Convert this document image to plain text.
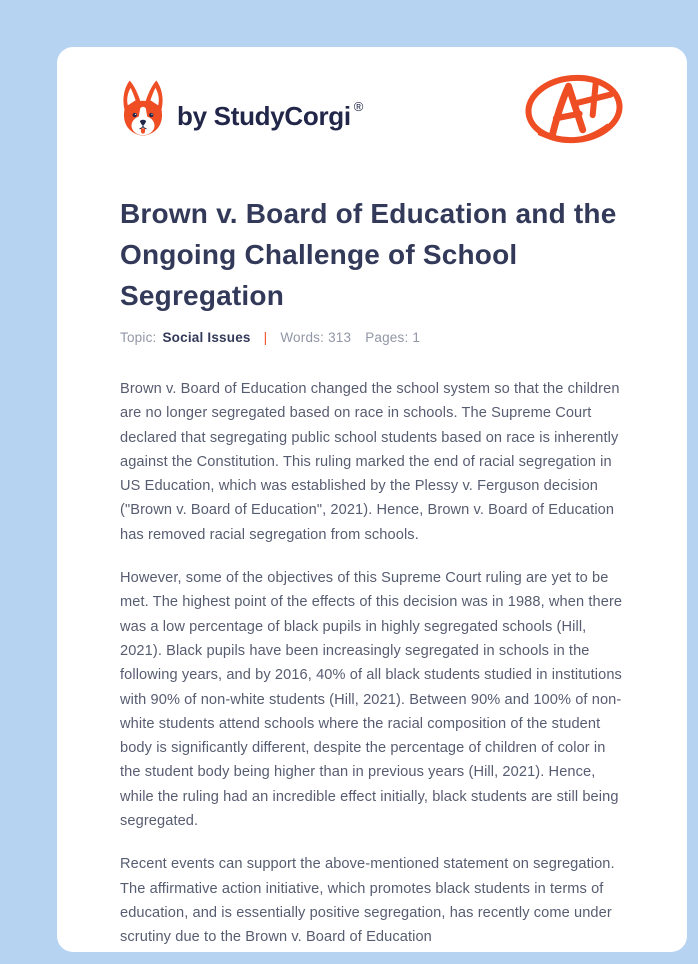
by StudyCorgi ®
Brown v. Board of Education and the Ongoing Challenge of School Segregation
Topic: Social Issues | Words: 313 Pages: 1

Brown v. Board of Education changed the school system so that the children are no longer segregated based on race in schools. The Supreme Court declared that segregating public school students based on race is inherently against the Constitution. This ruling marked the end of racial segregation in US Education, which was established by the Plessy v. Ferguson decision ("Brown v. Board of Education", 2021). Hence, Brown v. Board of Education has removed racial segregation from schools.

However, some of the objectives of this Supreme Court ruling are yet to be met. The highest point of the effects of this decision was in 1988, when there was a low percentage of black pupils in highly segregated schools (Hill, 2021). Black pupils have been increasingly segregated in schools in the following years, and by 2016, 40% of all black students studied in institutions with 90% of non-white students (Hill, 2021). Between 90% and 100% of non-white students attend schools where the racial composition of the student body is significantly different, despite the percentage of children of color in the student body being higher than in previous years (Hill, 2021). Hence, while the ruling had an incredible effect initially, black students are still being segregated.

Recent events can support the above-mentioned statement on segregation. The affirmative action initiative, which promotes black students in terms of education, and is essentially positive segregation, has recently come under scrutiny due to the Brown v. Board of Education
